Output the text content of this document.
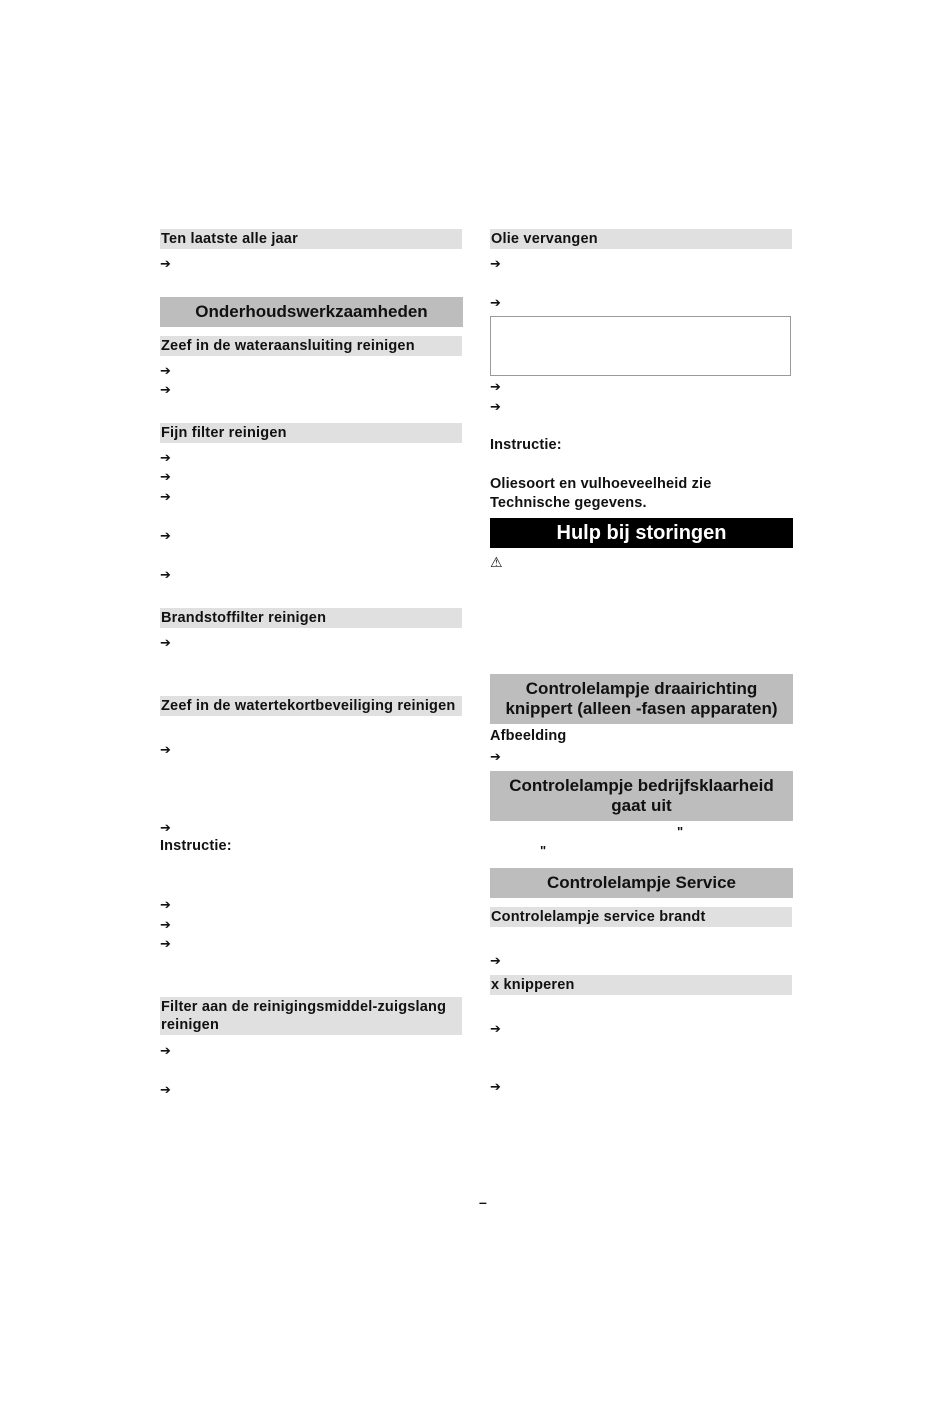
Ten laatste alle jaar
➔
Onderhoudswerkzaamheden
Zeef in de wateraansluiting reinigen
➔
➔
Fijn filter reinigen
➔
➔
➔
➔
➔
Brandstoffilter reinigen
➔
Zeef in de watertekortbeveiliging reinigen
➔
➔
Instructie:
➔
➔
➔
Filter aan de reinigingsmiddel-zuigslang reinigen
➔
➔
Olie vervangen
➔
➔
➔
➔
Instructie:
Oliesoort en vulhoeveelheid zie Technische gegevens.
Hulp bij storingen
⚠
Controlelampje draairichting knippert (alleen -fasen apparaten)
Afbeelding
➔
Controlelampje bedrijfsklaarheid gaat uit
"
"
Controlelampje Service
Controlelampje service brandt
➔
x knipperen
➔
➔
–
